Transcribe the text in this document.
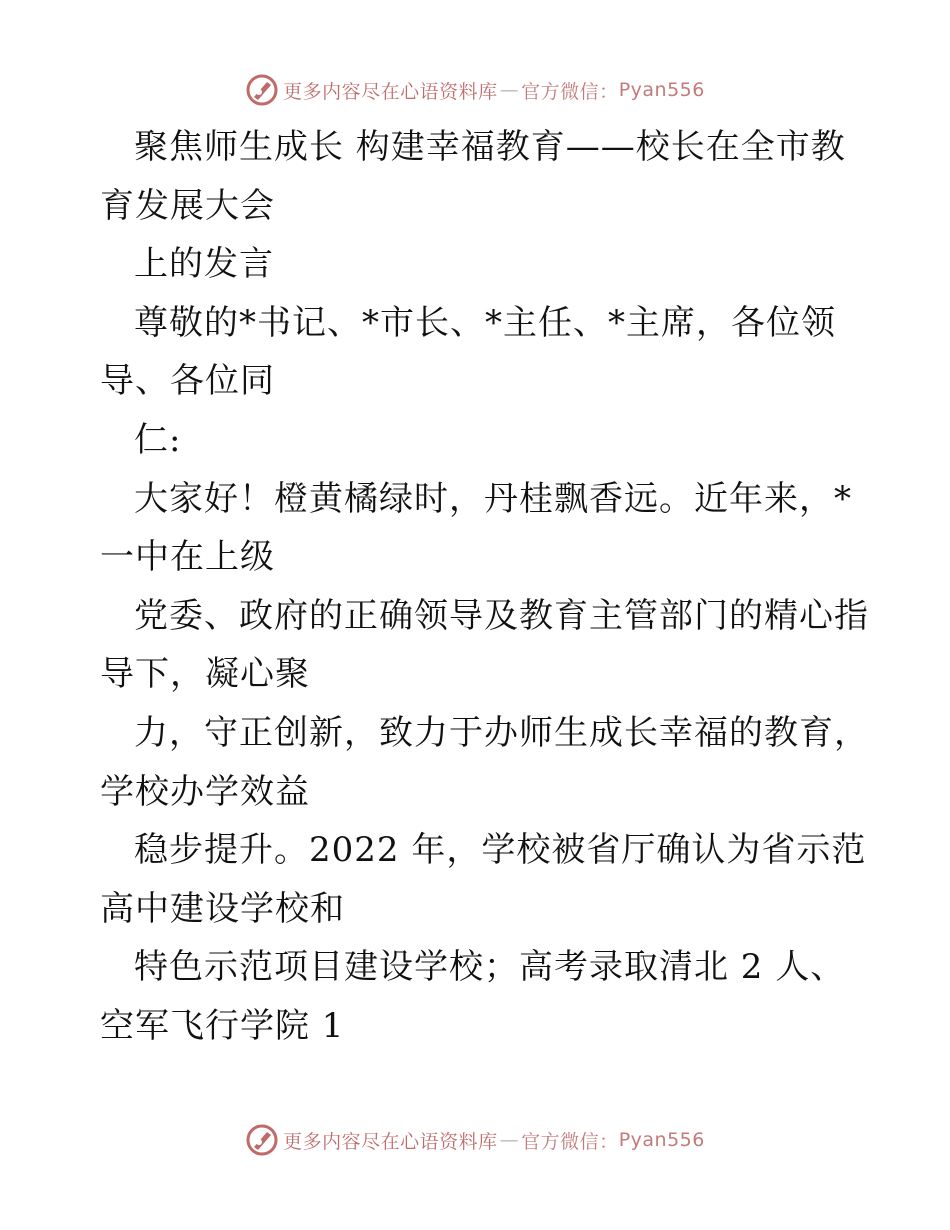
更多内容尽在心语资料库 — 官方微信： Pyan556
聚焦师生成长 构建幸福教育——校长在全市教
育发展大会
上的发言
尊敬的*书记、*市长、*主任、*主席，各位领
导、各位同
仁:
大家好！橙黄橘绿时，丹桂飘香远。近年来，*
一中在上级
党委、政府的正确领导及教育主管部门的精心指
导下，凝心聚
力，守正创新，致力于办师生成长幸福的教育，
学校办学效益
稳步提升。2022 年，学校被省厅确认为省示范
高中建设学校和
特色示范项目建设学校；高考录取清北 2 人、
空军飞行学院 1
更多内容尽在心语资料库 — 官方微信： Pyan556
